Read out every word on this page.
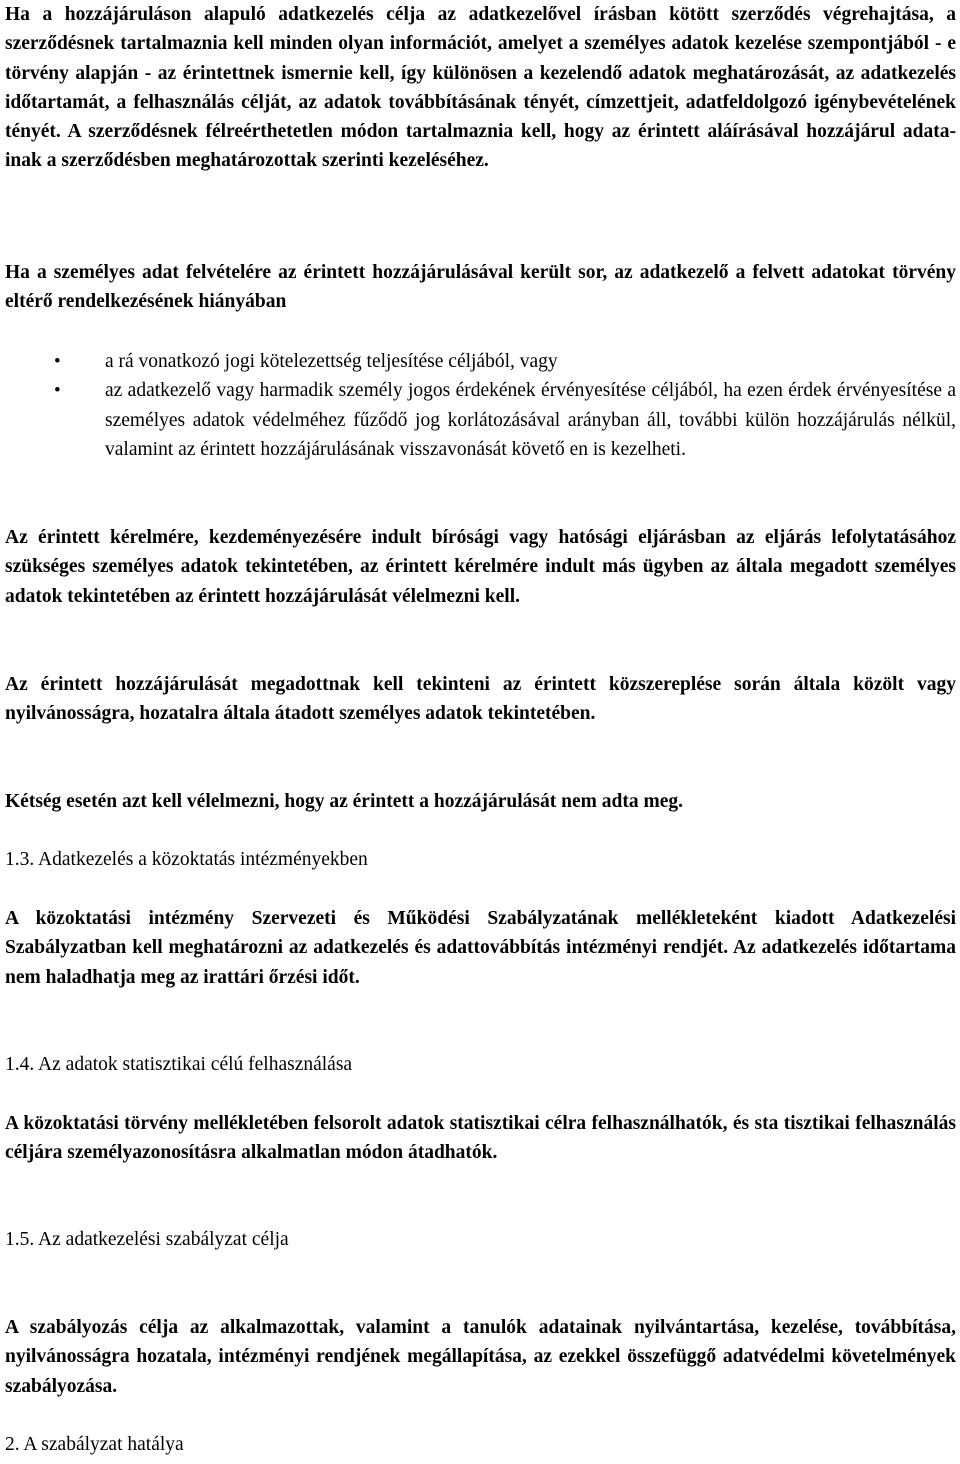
Ha a hozzájáruláson alapuló adatkezelés célja az adatkezelővel írásban kötött szerződés végrehajtása, a szerződésnek tartalmaznia kell minden olyan információt, amelyet a személyes adatok kezelése szempontjából - e törvény alapján - az érintettnek ismernie kell, így különösen a kezelendő adatok meghatározását, az adatkezelés időtartamát, a felhasználás célját, az adatok továbbításának tényét, címzettjeit, adatfeldolgozó igénybevételének tényét. A szerződésnek félreérthetetlen módon tartalmaznia kell, hogy az érintett aláírásával hozzájárul adata- inak a szerződésben meghatározottak szerinti kezeléséhez.

Ha a személyes adat felvételére az érintett hozzájárulásával került sor, az adatkezelő a felvett adatokat törvény eltérő rendelkezésének hiányában

• a rá vonatkozó jogi kötelezettség teljesítése céljából, vagy
• az adatkezelő vagy harmadik személy jogos érdekének érvényesítése céljából, ha ezen érdek érvényesítése a személyes adatok védelméhez fűződő jog korlátozásával arányban áll, további külön hozzájárulás nélkül, valamint az érintett hozzájárulásának visszavonását követő en is kezelheti.

Az érintett kérelmére, kezdeményezésére indult bírósági vagy hatósági eljárásban az eljárás lefolytatásához szükséges személyes adatok tekintetében, az érintett kérelmére indult más ügyben az általa megadott személyes adatok tekintetében az érintett hozzájárulását vélelmezni kell.

Az érintett hozzájárulását megadottnak kell tekinteni az érintett közszereplése során általa közölt vagy nyilvánosságra, hozatalra általa átadott személyes adatok tekintetében.

Kétség esetén azt kell vélelmezni, hogy az érintett a hozzájárulását nem adta meg.

1.3. Adatkezelés a közoktatás intézményekben

A közoktatási intézmény Szervezeti és Működési Szabályzatának mellékleteként kiadott Adatkezelési Szabályzatban kell meghatározni az adatkezelés és adattovábbítás intézményi rendjét. Az adatkezelés időtartama nem haladhatja meg az irattári őrzési időt.

1.4. Az adatok statisztikai célú felhasználása

A közoktatási törvény mellékletében felsorolt adatok statisztikai célra felhasználhatók, és sta tisztikai felhasználás céljára személyazonosításra alkalmatlan módon átadhatók.

1.5. Az adatkezelési szabályzat célja

A szabályozás célja az alkalmazottak, valamint a tanulók adatainak nyilvántartása, kezelése, továbbítása, nyilvánosságra hozatala, intézményi rendjének megállapítása, az ezekkel összefüggő adatvédelmi követelmények szabályozása.

2. A szabályzat hatálya
